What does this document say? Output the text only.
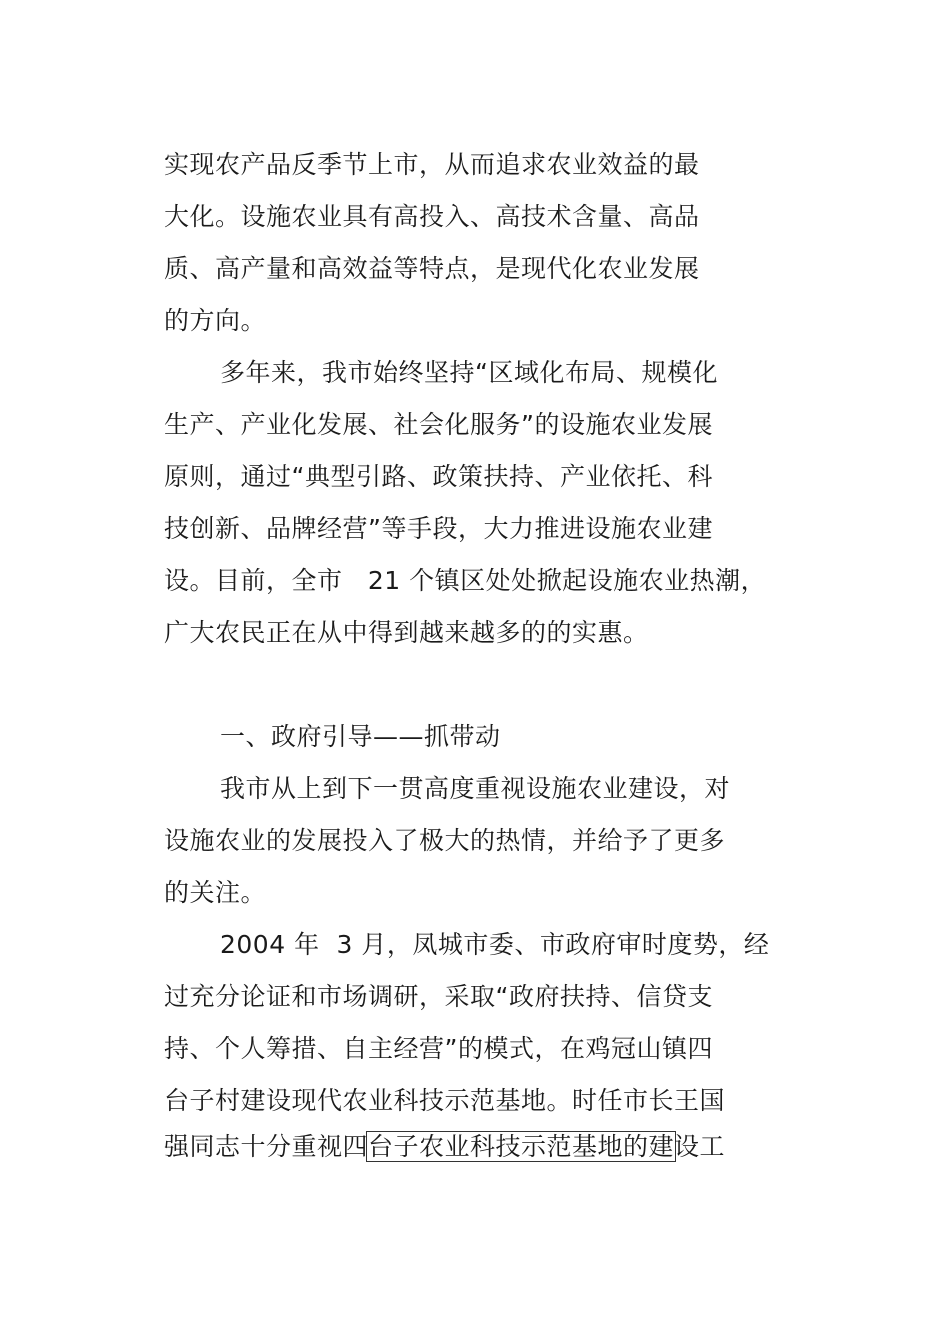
实现农产品反季节上市，从而追求农业效益的最
大化。设施农业具有高投入、高技术含量、高品
质、高产量和高效益等特点，是现代化农业发展
的方向。
多年来，我市始终坚持“区域化布局、规模化
生产、产业化发展、社会化服务”的设施农业发展
原则，通过“典型引路、政策扶持、产业依托、科
技创新、品牌经营”等手段，大力推进设施农业建
设。目前，全市   21 个镇区处处掀起设施农业热潮，
广大农民正在从中得到越来越多的的实惠。
一、政府引导——抓带动
我市从上到下一贯高度重视设施农业建设，对
设施农业的发展投入了极大的热情，并给予了更多
的关注。
2004 年  3 月，凤城市委、市政府审时度势，经
过充分论证和市场调研，采取“政府扶持、信贷支
持、个人筹措、自主经营”的模式，在鸡冠山镇四
台子村建设现代农业科技示范基地。时任市长王国
强同志十分重视四台子农业科技示范基地的建设工
